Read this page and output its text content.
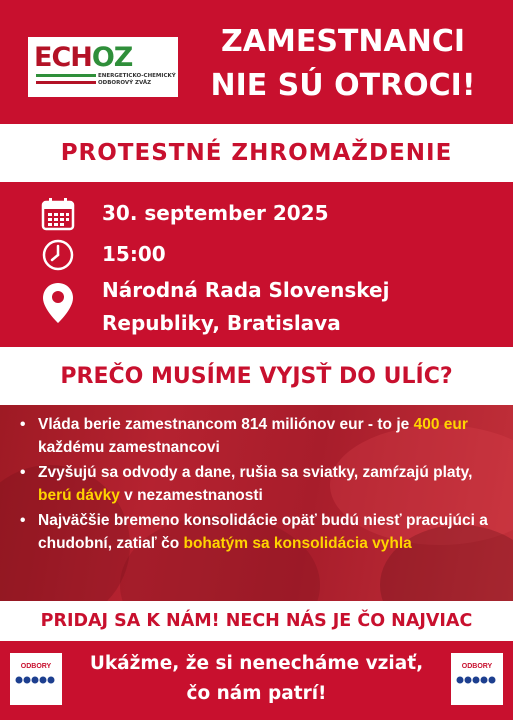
ECHOZ
ENERGETICKO-CHEMICKÝ
ODBOROVÝ ZVÄZ
ZAMESTNANCI
NIE SÚ OTROCI!
PROTESTNÉ ZHROMAŽDENIE
30. september 2025
15:00
Národná Rada Slovenskej
Republiky, Bratislava
PREČO MUSÍME VYJSŤ DO ULÍC?
• Vláda berie zamestnancom 814 miliónov eur - to je 400 eur každému zamestnancovi
• Zvyšujú sa odvody a dane, rušia sa sviatky, zamŕzajú platy, berú dávky v nezamestnanosti
• Najväčšie bremeno konsolidácie opäť budú niesť pracujúci a chudobní, zatiaľ čo bohatým sa konsolidácia vyhla
PRIDAJ SA K NÁM! NECH NÁS JE ČO NAJVIAC
ODBORY	Ukážme, že si nenecháme vziať,
čo nám patrí!
ODBORY
